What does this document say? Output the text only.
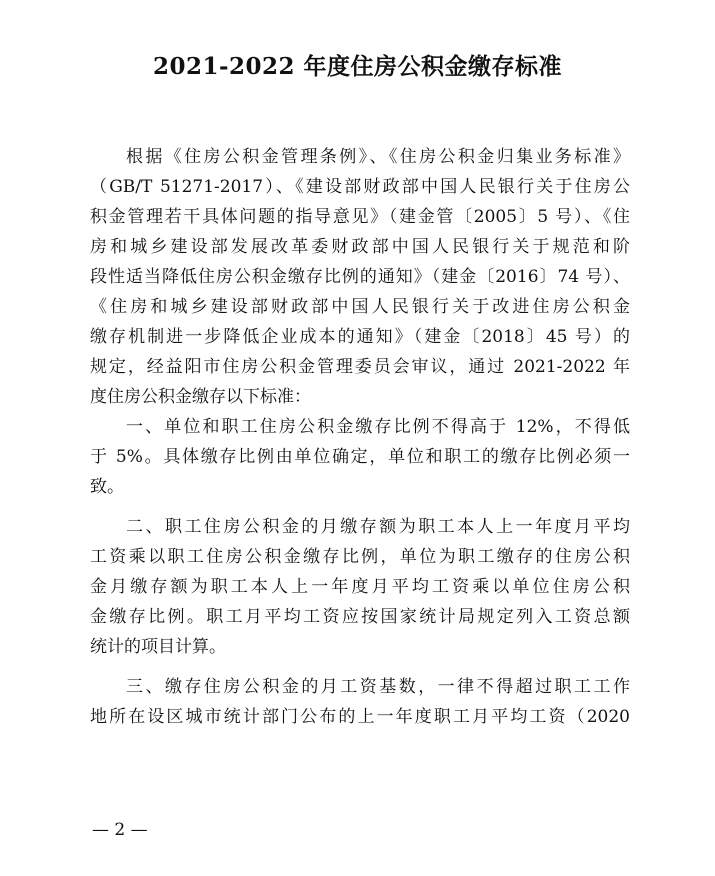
2021-2022 年度住房公积金缴存标准
根据《住房公积金管理条例》、《住房公积金归集业务标准》
（GB/T 51271-2017）、《建设部财政部中国人民银行关于住房公
积金管理若干具体问题的指导意见》（建金管〔2005〕5 号）、《住
房和城乡建设部发展改革委财政部中国人民银行关于规范和阶
段性适当降低住房公积金缴存比例的通知》（建金〔2016〕74 号）、
《住房和城乡建设部财政部中国人民银行关于改进住房公积金
缴存机制进一步降低企业成本的通知》（建金〔2018〕45 号）的
规定，经益阳市住房公积金管理委员会审议，通过 2021-2022 年
度住房公积金缴存以下标准：
一、单位和职工住房公积金缴存比例不得高于 12%，不得低
于 5%。具体缴存比例由单位确定，单位和职工的缴存比例必须一
致。
二、职工住房公积金的月缴存额为职工本人上一年度月平均
工资乘以职工住房公积金缴存比例，单位为职工缴存的住房公积
金月缴存额为职工本人上一年度月平均工资乘以单位住房公积
金缴存比例。职工月平均工资应按国家统计局规定列入工资总额
统计的项目计算。
三、缴存住房公积金的月工资基数，一律不得超过职工工作
地所在设区城市统计部门公布的上一年度职工月平均工资（2020
— 2 —
